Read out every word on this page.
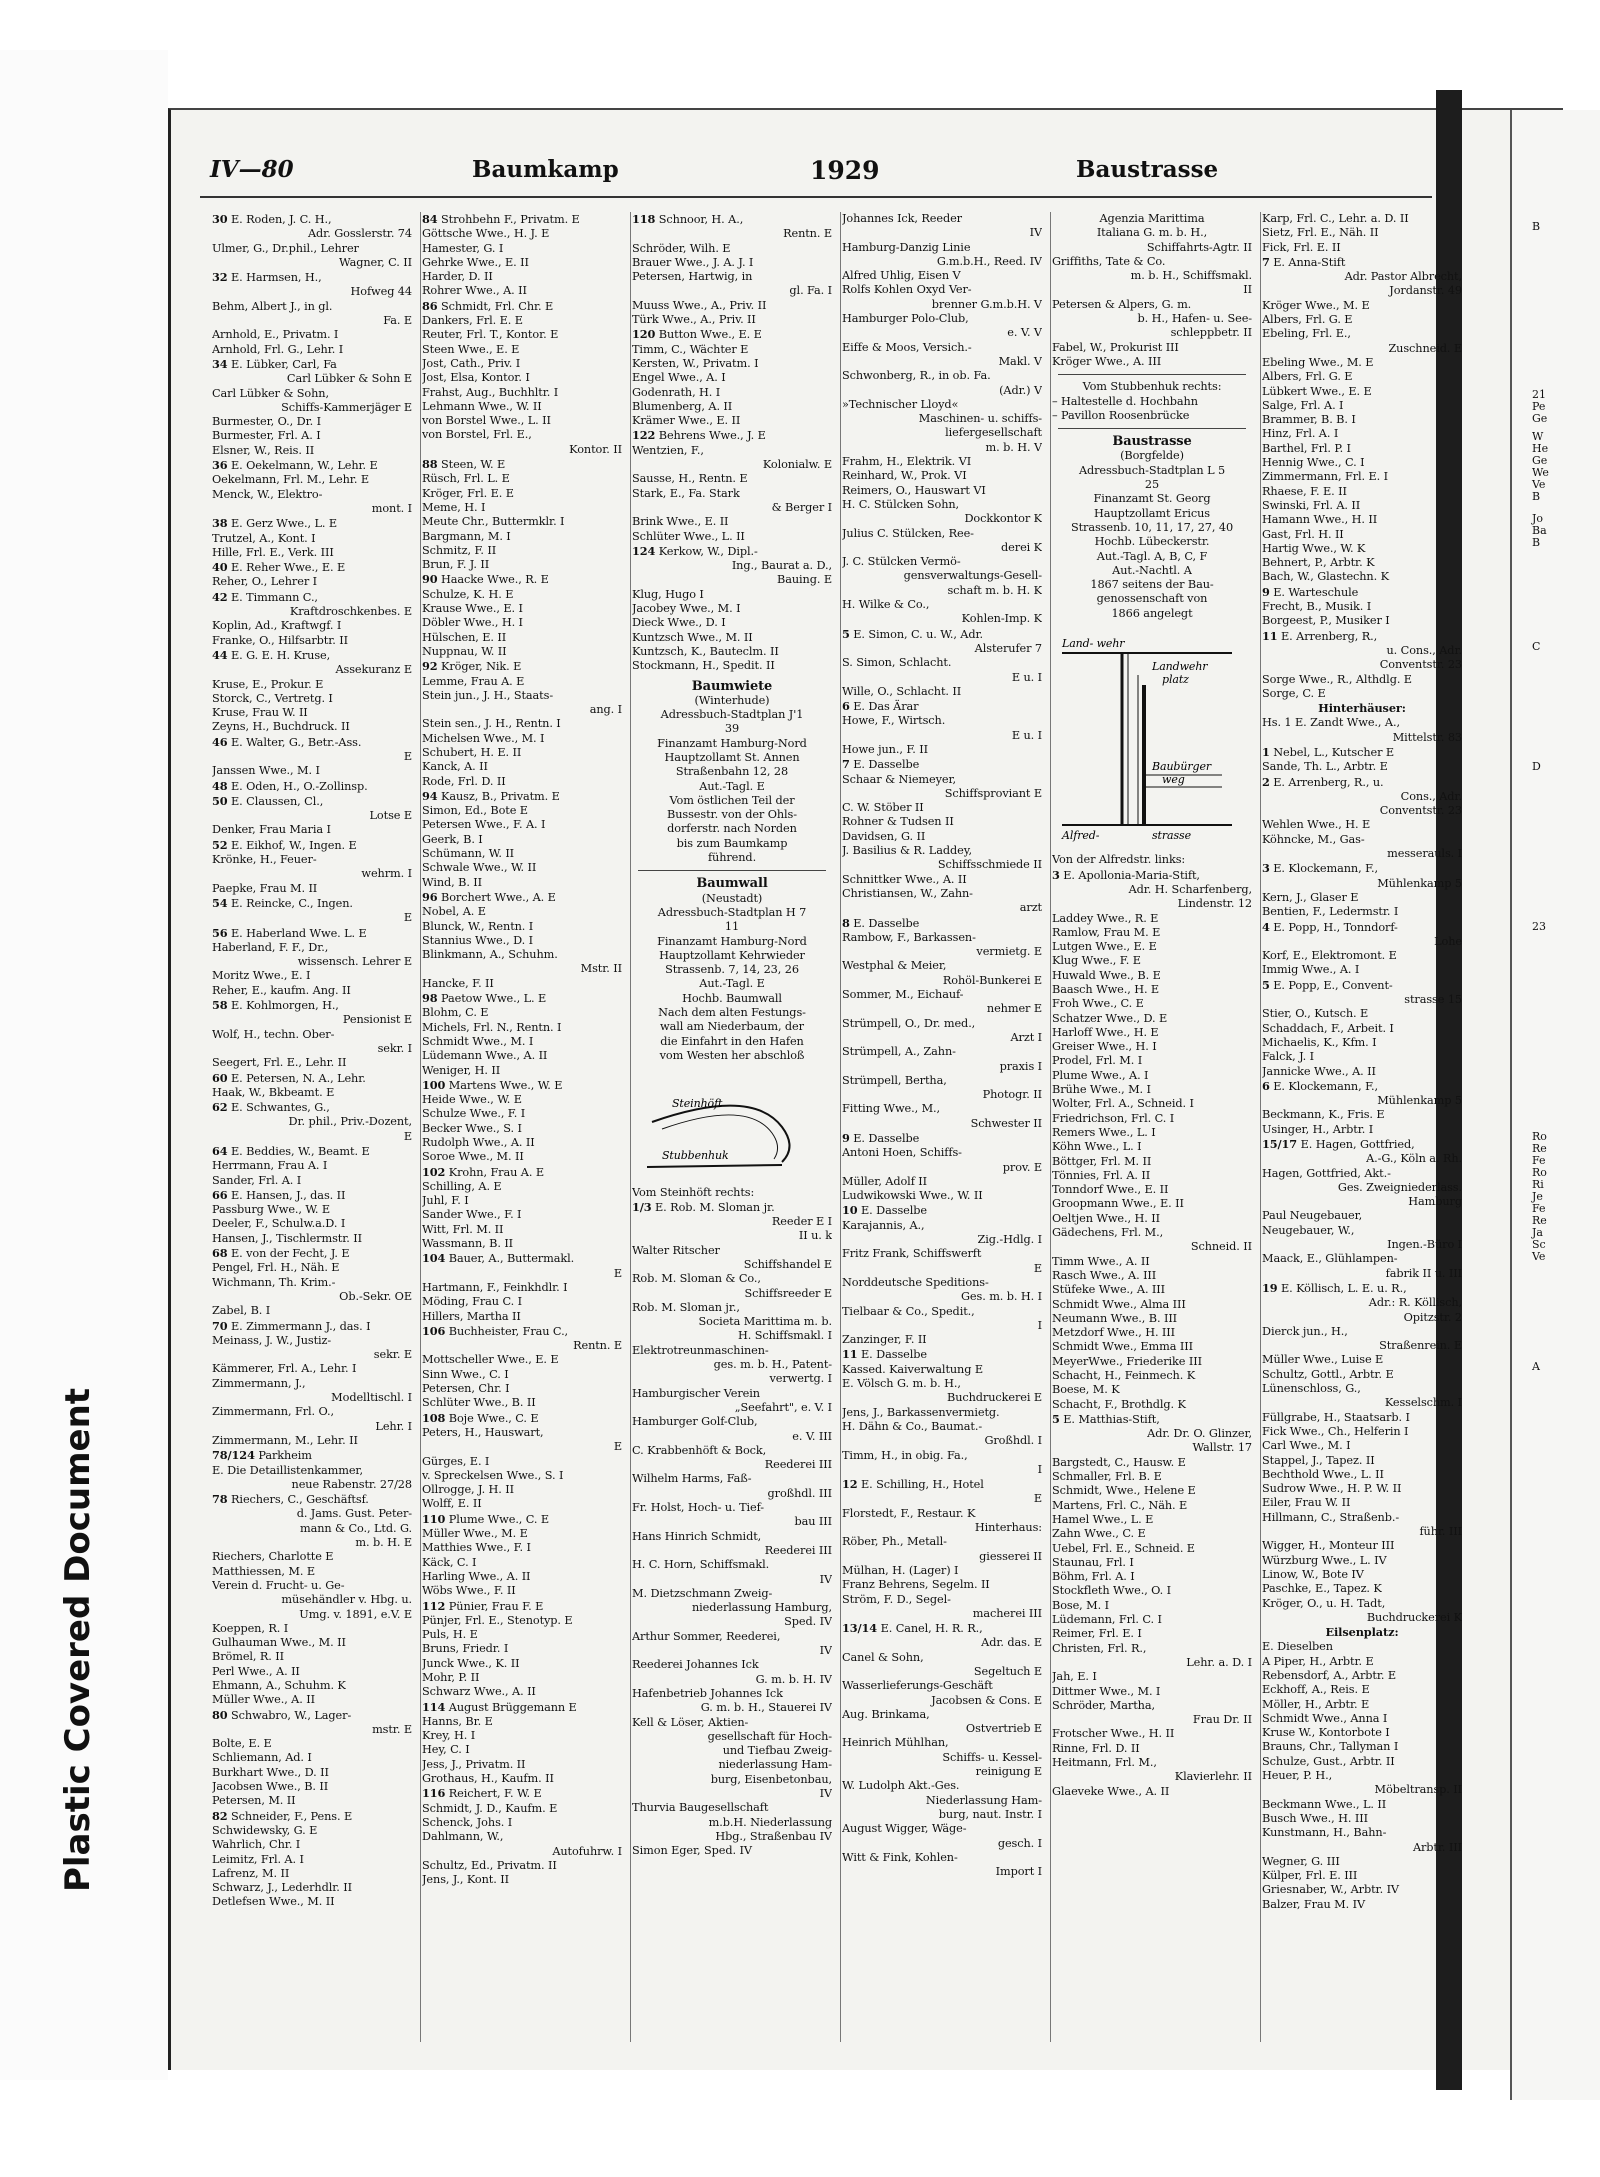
Plastic Covered Document
B
21
Pe
Ge
W
He
Ge
We
Ve
B
Jo
Ba
B
C
D
23
Ro
Re
Fe
Ro
Ri
Je
Fe
Re
Ja
Sc
Ve
A
IV—80	Baumkamp	1929	Baustrasse
30 E. Roden, J. C. H.,
Adr. Gosslerstr. 74
Ulmer, G., Dr.phil., Lehrer
Wagner, C. II
32 E. Harmsen, H.,
Hofweg 44
Behm, Albert J., in gl.
Fa. E
Arnhold, E., Privatm. I
Arnhold, Frl. G., Lehr. I
34 E. Lübker, Carl, Fa
Carl Lübker & Sohn E
Carl Lübker & Sohn,
Schiffs-Kammerjäger E
Burmester, O., Dr. I
Burmester, Frl. A. I
Elsner, W., Reis. II
36 E. Oekelmann, W., Lehr. E
Oekelmann, Frl. M., Lehr. E
Menck, W., Elektro-
mont. I
38 E. Gerz Wwe., L. E
Trutzel, A., Kont. I
Hille, Frl. E., Verk. III
40 E. Reher Wwe., E. E
Reher, O., Lehrer I
42 E. Timmann C.,
Kraftdroschkenbes. E
Koplin, Ad., Kraftwgf. I
Franke, O., Hilfsarbtr. II
44 E. G. E. H. Kruse,
Assekuranz E
Kruse, E., Prokur. E
Storck, C., Vertretg. I
Kruse, Frau W. II
Zeyns, H., Buchdruck. II
46 E. Walter, G., Betr.-Ass.
E
Janssen Wwe., M. I
48 E. Oden, H., O.-Zollinsp.
50 E. Claussen, Cl.,
Lotse E
Denker, Frau Maria I
52 E. Eikhof, W., Ingen. E
Krönke, H., Feuer-
wehrm. I
Paepke, Frau M. II
54 E. Reincke, C., Ingen.
E
56 E. Haberland Wwe. L. E
Haberland, F. F., Dr.,
wissensch. Lehrer E
Moritz Wwe., E. I
Reher, E., kaufm. Ang. II
58 E. Kohlmorgen, H.,
Pensionist E
Wolf, H., techn. Ober-
sekr. I
Seegert, Frl. E., Lehr. II
60 E. Petersen, N. A., Lehr.
Haak, W., Bkbeamt. E
62 E. Schwantes, G.,
Dr. phil., Priv.-Dozent,
E
64 E. Beddies, W., Beamt. E
Herrmann, Frau A. I
Sander, Frl. A. I
66 E. Hansen, J., das. II
Passburg Wwe., W. E
Deeler, F., Schulw.a.D. I
Hansen, J., Tischlermstr. II
68 E. von der Fecht, J. E
Pengel, Frl. H., Näh. E
Wichmann, Th. Krim.-
Ob.-Sekr. OE
Zabel, B. I
70 E. Zimmermann J., das. I
Meinass, J. W., Justiz-
sekr. E
Kämmerer, Frl. A., Lehr. I
Zimmermann, J.,
Modelltischl. I
Zimmermann, Frl. O.,
Lehr. I
Zimmermann, M., Lehr. II
78/124 Parkheim
E. Die Detaillistenkammer,
neue Rabenstr. 27/28
78 Riechers, C., Geschäftsf.
d. Jams. Gust. Peter-
mann & Co., Ltd. G.
m. b. H. E
Riechers, Charlotte E
Matthiessen, M. E
Verein d. Frucht- u. Ge-
müsehändler v. Hbg. u.
Umg. v. 1891, e.V. E
Koeppen, R. I
Gulhauman Wwe., M. II
Brömel, R. II
Perl Wwe., A. II
Ehmann, A., Schuhm. K
Müller Wwe., A. II
80 Schwabro, W., Lager-
mstr. E
Bolte, E. E
Schliemann, Ad. I
Burkhart Wwe., D. II
Jacobsen Wwe., B. II
Petersen, M. II
82 Schneider, F., Pens. E
Schwidewsky, G. E
Wahrlich, Chr. I
Leimitz, Frl. A. I
Lafrenz, M. II
Schwarz, J., Lederhdlr. II
Detlefsen Wwe., M. II
84 Strohbehn F., Privatm. E
Göttsche Wwe., H. J. E
Hamester, G. I
Gehrke Wwe., E. II
Harder, D. II
Rohrer Wwe., A. II
86 Schmidt, Frl. Chr. E
Dankers, Frl. E. E
Reuter, Frl. T., Kontor. E
Steen Wwe., E. E
Jost, Cath., Priv. I
Jost, Elsa, Kontor. I
Frahst, Aug., Buchhltr. I
Lehmann Wwe., W. II
von Borstel Wwe., L. II
von Borstel, Frl. E.,
Kontor. II
88 Steen, W. E
Rüsch, Frl. L. E
Kröger, Frl. E. E
Meme, H. I
Meute Chr., Buttermklr. I
Bargmann, M. I
Schmitz, F. II
Brun, F. J. II
90 Haacke Wwe., R. E
Schulze, K. H. E
Krause Wwe., E. I
Döbler Wwe., H. I
Hülschen, E. II
Nuppnau, W. II
92 Kröger, Nik. E
Lemme, Frau A. E
Stein jun., J. H., Staats-
ang. I
Stein sen., J. H., Rentn. I
Michelsen Wwe., M. I
Schubert, H. E. II
Kanck, A. II
Rode, Frl. D. II
94 Kausz, B., Privatm. E
Simon, Ed., Bote E
Petersen Wwe., F. A. I
Geerk, B. I
Schümann, W. II
Schwale Wwe., W. II
Wind, B. II
96 Borchert Wwe., A. E
Nobel, A. E
Blunck, W., Rentn. I
Stannius Wwe., D. I
Blinkmann, A., Schuhm.
Mstr. II
Hancke, F. II
98 Paetow Wwe., L. E
Blohm, C. E
Michels, Frl. N., Rentn. I
Schmidt Wwe., M. I
Lüdemann Wwe., A. II
Weniger, H. II
100 Martens Wwe., W. E
Heide Wwe., W. E
Schulze Wwe., F. I
Becker Wwe., S. I
Rudolph Wwe., A. II
Soroe Wwe., M. II
102 Krohn, Frau A. E
Schilling, A. E
Juhl, F. I
Sander Wwe., F. I
Witt, Frl. M. II
Wassmann, B. II
104 Bauer, A., Buttermakl.
E
Hartmann, F., Feinkhdlr. I
Möding, Frau C. I
Hillers, Martha II
106 Buchheister, Frau C.,
Rentn. E
Mottscheller Wwe., E. E
Sinn Wwe., C. I
Petersen, Chr. I
Schlüter Wwe., B. II
108 Boje Wwe., C. E
Peters, H., Hauswart,
E
Gürges, E. I
v. Spreckelsen Wwe., S. I
Ollrogge, J. H. II
Wolff, E. II
110 Plume Wwe., C. E
Müller Wwe., M. E
Matthies Wwe., F. I
Käck, C. I
Harling Wwe., A. II
Wöbs Wwe., F. II
112 Pünier, Frau F. E
Pünjer, Frl. E., Stenotyp. E
Puls, H. E
Bruns, Friedr. I
Junck Wwe., K. II
Mohr, P. II
Schwarz Wwe., A. II
114 August Brüggemann E
Hanns, Br. E
Krey, H. I
Hey, C. I
Jess, J., Privatm. II
Grothaus, H., Kaufm. II
116 Reichert, F. W. E
Schmidt, J. D., Kaufm. E
Schenck, Johs. I
Dahlmann, W.,
Autofuhrw. I
Schultz, Ed., Privatm. II
Jens, J., Kont. II
118 Schnoor, H. A.,
Rentn. E
Schröder, Wilh. E
Brauer Wwe., J. A. J. I
Petersen, Hartwig, in
gl. Fa. I
Muuss Wwe., A., Priv. II
Türk Wwe., A., Priv. II
120 Button Wwe., E. E
Timm, C., Wächter E
Kersten, W., Privatm. I
Engel Wwe., A. I
Godenrath, H. I
Blumenberg, A. II
Krämer Wwe., E. II
122 Behrens Wwe., J. E
Wentzien, F.,
Kolonialw. E
Sausse, H., Rentn. E
Stark, E., Fa. Stark
& Berger I
Brink Wwe., E. II
Schlüter Wwe., L. II
124 Kerkow, W., Dipl.-
Ing., Baurat a. D.,
Bauing. E
Klug, Hugo I
Jacobey Wwe., M. I
Dieck Wwe., D. I
Kuntzsch Wwe., M. II
Kuntzsch, K., Bauteclm. II
Stockmann, H., Spedit. II
Baumwiete
(Winterhude)
Adressbuch-Stadtplan J'1
39
Finanzamt Hamburg-Nord
Hauptzollamt St. Annen
Straßenbahn 12, 28
Aut.-Tagl. E
Vom östlichen Teil der
Bussestr. von der Ohls-
dorferstr. nach Norden
bis zum Baumkamp
führend.
Baumwall
(Neustadt)
Adressbuch-Stadtplan H 7
11
Finanzamt Hamburg-Nord
Hauptzollamt Kehrwieder
Strassenb. 7, 14, 23, 26
Aut.-Tagl. E
Hochb. Baumwall
Nach dem alten Festungs-
wall am Niederbaum, der
die Einfahrt in den Hafen
vom Westen her abschloß
Steinhöft
Stubbenhuk
Vom Steinhöft rechts:
1/3 E. Rob. M. Sloman jr.
Reeder E I
II u. k
Walter Ritscher
Schiffshandel E
Rob. M. Sloman & Co.,
Schiffsreeder E
Rob. M. Sloman jr.,
Societa Marittima m. b.
H. Schiffsmakl. I
Elektrotreunmaschinen-
ges. m. b. H., Patent-
verwertg. I
Hamburgischer Verein
„Seefahrt", e. V. I
Hamburger Golf-Club,
e. V. III
C. Krabbenhöft & Bock,
Reederei III
Wilhelm Harms, Faß-
großhdl. III
Fr. Holst, Hoch- u. Tief-
bau III
Hans Hinrich Schmidt,
Reederei III
H. C. Horn, Schiffsmakl.
IV
M. Dietzschmann Zweig-
niederlassung Hamburg,
Sped. IV
Arthur Sommer, Reederei,
IV
Reederei Johannes Ick
G. m. b. H. IV
Hafenbetrieb Johannes Ick
G. m. b. H., Stauerei IV
Kell & Löser, Aktien-
gesellschaft für Hoch-
und Tiefbau Zweig-
niederlassung Ham-
burg, Eisenbetonbau,
IV
Thurvia Baugesellschaft
m.b.H. Niederlassung
Hbg., Straßenbau IV
Simon Eger, Sped. IV
Johannes Ick, Reeder
IV
Hamburg-Danzig Linie
G.m.b.H., Reed. IV
Alfred Uhlig, Eisen V
Rolfs Kohlen Oxyd Ver-
brenner G.m.b.H. V
Hamburger Polo-Club,
e. V. V
Eiffe & Moos, Versich.-
Makl. V
Schwonberg, R., in ob. Fa.
(Adr.) V
»Technischer Lloyd«
Maschinen- u. schiffs-
liefergesellschaft
m. b. H. V
Frahm, H., Elektrik. VI
Reinhard, W., Prok. VI
Reimers, O., Hauswart VI
H. C. Stülcken Sohn,
Dockkontor K
Julius C. Stülcken, Ree-
derei K
J. C. Stülcken Vermö-
gensverwaltungs-Gesell-
schaft m. b. H. K
H. Wilke & Co.,
Kohlen-Imp. K
5 E. Simon, C. u. W., Adr.
Alsterufer 7
S. Simon, Schlacht.
E u. I
Wille, O., Schlacht. II
6 E. Das Ärar
Howe, F., Wirtsch.
E u. I
Howe jun., F. II
7 E. Dasselbe
Schaar & Niemeyer,
Schiffsproviant E
C. W. Stöber II
Rohner & Tudsen II
Davidsen, G. II
J. Basilius & R. Laddey,
Schiffsschmiede II
Schnittker Wwe., A. II
Christiansen, W., Zahn-
arzt
8 E. Dasselbe
Rambow, F., Barkassen-
vermietg. E
Westphal & Meier,
Rohöl-Bunkerei E
Sommer, M., Eichauf-
nehmer E
Strümpell, O., Dr. med.,
Arzt I
Strümpell, A., Zahn-
praxis I
Strümpell, Bertha,
Photogr. II
Fitting Wwe., M.,
Schwester II
9 E. Dasselbe
Antoni Hoen, Schiffs-
prov. E
Müller, Adolf II
Ludwikowski Wwe., W. II
10 E. Dasselbe
Karajannis, A.,
Zig.-Hdlg. I
Fritz Frank, Schiffswerft
E
Norddeutsche Speditions-
Ges. m. b. H. I
Tielbaar & Co., Spedit.,
I
Zanzinger, F. II
11 E. Dasselbe
Kassed. Kaiverwaltung E
E. Völsch G. m. b. H.,
Buchdruckerei E
Jens, J., Barkassenvermietg.
H. Dähn & Co., Baumat.-
Großhdl. I
Timm, H., in obig. Fa.,
I
12 E. Schilling, H., Hotel
E
Florstedt, F., Restaur. K
Hinterhaus:
Röber, Ph., Metall-
giesserei II
Mülhan, H. (Lager) I
Franz Behrens, Segelm. II
Ström, F. D., Segel-
macherei III
13/14 E. Canel, H. R. R.,
Adr. das. E
Canel & Sohn,
Segeltuch E
Wasserlieferungs-Geschäft
Jacobsen & Cons. E
Aug. Brinkama,
Ostvertrieb E
Heinrich Mühlhan,
Schiffs- u. Kessel-
reinigung E
W. Ludolph Akt.-Ges.
Niederlassung Ham-
burg, naut. Instr. I
August Wigger, Wäge-
gesch. I
Witt & Fink, Kohlen-
Import I
Agenzia Marittima
Italiana G. m. b. H.,
Schiffahrts-Agtr. II
Griffiths, Tate & Co.
m. b. H., Schiffsmakl.
II
Petersen & Alpers, G. m.
b. H., Hafen- u. See-
schleppbetr. II
Fabel, W., Prokurist III
Kröger Wwe., A. III
Vom Stubbenhuk rechts:
– Haltestelle d. Hochbahn
– Pavillon Roosenbrücke
Baustrasse
(Borgfelde)
Adressbuch-Stadtplan L 5
25
Finanzamt St. Georg
Hauptzollamt Ericus
Strassenb. 10, 11, 17, 27, 40
Hochb. Lübeckerstr.
Aut.-Tagl. A, B, C, F
Aut.-Nachtl. A
1867 seitens der Bau-
genossenschaft von
1866 angelegt
Land- wehr
Landwehr
platz
Baubürger
weg
Alfred-	strasse
Von der Alfredstr. links:
3 E. Apollonia-Maria-Stift,
Adr. H. Scharfenberg,
Lindenstr. 12
Laddey Wwe., R. E
Ramlow, Frau M. E
Lutgen Wwe., E. E
Klug Wwe., F. E
Huwald Wwe., B. E
Baasch Wwe., H. E
Froh Wwe., C. E
Schatzer Wwe., D. E
Harloff Wwe., H. E
Greiser Wwe., H. I
Prodel, Frl. M. I
Plume Wwe., A. I
Brühe Wwe., M. I
Wolter, Frl. A., Schneid. I
Friedrichson, Frl. C. I
Remers Wwe., L. I
Köhn Wwe., L. I
Böttger, Frl. M. II
Tönnies, Frl. A. II
Tonndorf Wwe., E. II
Groopmann Wwe., E. II
Oeltjen Wwe., H. II
Gädechens, Frl. M.,
Schneid. II
Timm Wwe., A. II
Rasch Wwe., A. III
Stüfeke Wwe., A. III
Schmidt Wwe., Alma III
Neumann Wwe., B. III
Metzdorf Wwe., H. III
Schmidt Wwe., Emma III
MeyerWwe., Friederike III
Schacht, H., Feinmech. K
Boese, M. K
Schacht, F., Brothdlg. K
5 E. Matthias-Stift,
Adr. Dr. O. Glinzer,
Wallstr. 17
Bargstedt, C., Hausw. E
Schmaller, Frl. B. E
Schmidt, Wwe., Helene E
Martens, Frl. C., Näh. E
Hamel Wwe., L. E
Zahn Wwe., C. E
Uebel, Frl. E., Schneid. E
Staunau, Frl. I
Böhm, Frl. A. I
Stockfleth Wwe., O. I
Bose, M. I
Lüdemann, Frl. C. I
Reimer, Frl. E. I
Christen, Frl. R.,
Lehr. a. D. I
Jah, E. I
Dittmer Wwe., M. I
Schröder, Martha,
Frau Dr. II
Frotscher Wwe., H. II
Rinne, Frl. D. II
Heitmann, Frl. M.,
Klavierlehr. II
Glaeveke Wwe., A. II
Karp, Frl. C., Lehr. a. D. II
Sietz, Frl. E., Näh. II
Fick, Frl. E. II
7 E. Anna-Stift
Adr. Pastor Albrecht,
Jordanstr. 49
Kröger Wwe., M. E
Albers, Frl. G. E
Ebeling, Frl. E.,
Zuschneid. E
Ebeling Wwe., M. E
Albers, Frl. G. E
Lübkert Wwe., E. E
Salge, Frl. A. I
Brammer, B. B. I
Hinz, Frl. A. I
Barthel, Frl. P. I
Hennig Wwe., C. I
Zimmermann, Frl. E. I
Rhaese, F. E. II
Swinski, Frl. A. II
Hamann Wwe., H. II
Gast, Frl. H. II
Hartig Wwe., W. K
Behnert, P., Arbtr. K
Bach, W., Glastechn. K
9 E. Warteschule
Frecht, B., Musik. I
Borgeest, P., Musiker I
11 E. Arrenberg, R.,
u. Cons., Adr.
Conventstr. 23
Sorge Wwe., R., Althdlg. E
Sorge, C. E
Hinterhäuser:
Hs. 1 E. Zandt Wwe., A.,
Mittelstr. 83
1 Nebel, L., Kutscher E
Sande, Th. L., Arbtr. E
2 E. Arrenberg, R., u.
Cons., Adr.
Conventstr. 23
Wehlen Wwe., H. E
Köhncke, M., Gas-
messerauls. I
3 E. Klockemann, F.,
Mühlenkamp 5
Kern, J., Glaser E
Bentien, F., Ledermstr. I
4 E. Popp, H., Tonndorf-
Lohe
Korf, E., Elektromont. E
Immig Wwe., A. I
5 E. Popp, E., Convent-
strasse 15
Stier, O., Kutsch. E
Schaddach, F., Arbeit. I
Michaelis, K., Kfm. I
Falck, J. I
Jannicke Wwe., A. II
6 E. Klockemann, F.,
Mühlenkamp 5
Beckmann, K., Fris. E
Usinger, H., Arbtr. I
15/17 E. Hagen, Gottfried,
A.-G., Köln a. Rh.
Hagen, Gottfried, Akt.-
Ges. Zweigniederlass.
Hamburg
Paul Neugebauer,
Neugebauer, W.,
Ingen.-Büro I
Maack, E., Glühlampen-
fabrik II u. III
19 E. Köllisch, L. E. u. R.,
Adr.: R. Köllisch,
Opitzstr. 2
Dierck jun., H.,
Straßenrein. E
Müller Wwe., Luise E
Schultz, Gottl., Arbtr. E
Lünenschloss, G.,
Kesselschm. I
Füllgrabe, H., Staatsarb. I
Fick Wwe., Ch., Helferin I
Carl Wwe., M. I
Stappel, J., Tapez. II
Bechthold Wwe., L. II
Sudrow Wwe., H. P. W. II
Eiler, Frau W. II
Hillmann, C., Straßenb.-
führ. III
Wigger, H., Monteur III
Würzburg Wwe., L. IV
Linow, W., Bote IV
Paschke, E., Tapez. K
Kröger, O., u. H. Tadt,
Buchdruckerei K
Eilsenplatz:
E. Dieselben
A Piper, H., Arbtr. E
Rebensdorf, A., Arbtr. E
Eckhoff, A., Reis. E
Möller, H., Arbtr. E
Schmidt Wwe., Anna I
Kruse W., Kontorbote I
Brauns, Chr., Tallyman I
Schulze, Gust., Arbtr. II
Heuer, P. H.,
Möbeltransp. II
Beckmann Wwe., L. II
Busch Wwe., H. III
Kunstmann, H., Bahn-
Arbtr. III
Wegner, G. III
Külper, Frl. E. III
Griesnaber, W., Arbtr. IV
Balzer, Frau M. IV
